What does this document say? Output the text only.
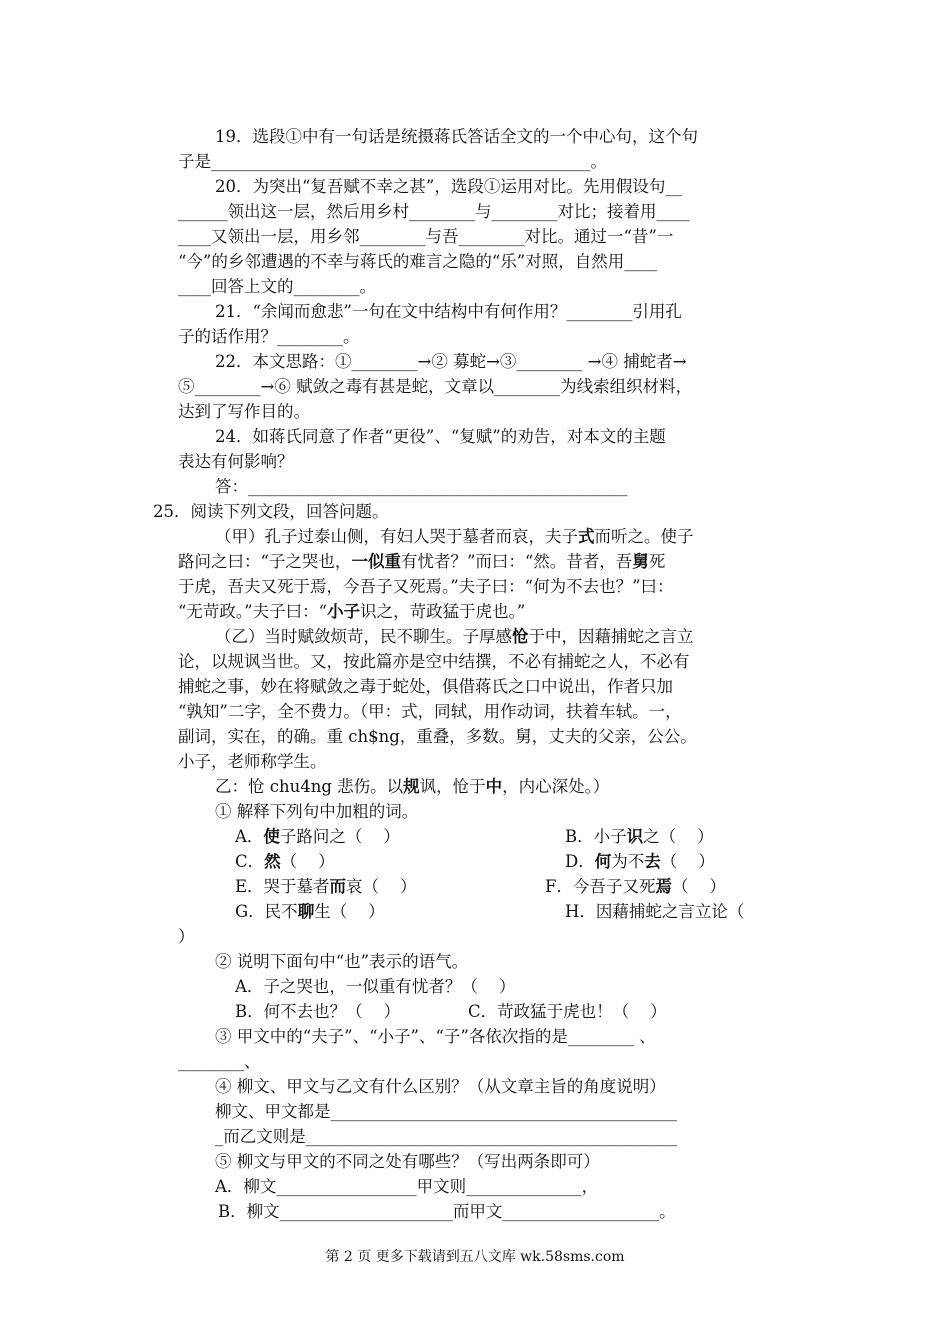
19．选段①中有一句话是统摄蒋氏答话全文的一个中心句，这个句
子是______________________________________________。
20．为突出“复吾赋不幸之甚”，选段①运用对比。先用假设句__
______领出这一层，然后用乡村________与________对比；接着用____
____又领出一层，用乡邻________与吾________对比。通过一“昔”一
“今”的乡邻遭遇的不幸与蒋氏的难言之隐的“乐”对照，自然用____
____回答上文的________。
21．“余闻而愈悲”一句在文中结构中有何作用？________引用孔
子的话作用？________。
22．本文思路：①________→② 募蛇→③________ →④ 捕蛇者→
⑤________→⑥ 赋敛之毒有甚是蛇，文章以________为线索组织材料，
达到了写作目的。
24．如蒋氏同意了作者“更役”、“复赋”的劝告，对本文的主题
表达有何影响？
答：______________________________________________
25．阅读下列文段，回答问题。
（甲）孔子过泰山侧，有妇人哭于墓者而哀，夫子式而听之。使子
路问之曰：“子之哭也，一似重有忧者？”而曰：“然。昔者，吾舅死
于虎，吾夫又死于焉，今吾子又死焉。”夫子曰：“何为不去也？”曰：
“无苛政。”夫子曰：“小子识之，苛政猛于虎也。”
（乙）当时赋敛烦苛，民不聊生。子厚感怆于中，因藉捕蛇之言立
论，以规讽当世。又，按此篇亦是空中结撰，不必有捕蛇之人，不必有
捕蛇之事，妙在将赋敛之毒于蛇处，俱借蒋氏之口中说出，作者只加
“孰知”二字，全不费力。（甲：式，同轼，用作动词，扶着车轼。一，
副词，实在，的确。重 ch$ng，重叠，多数。舅，丈夫的父亲，公公。
小子，老师称学生。
乙：怆 chu4ng 悲伤。以规讽，怆于中，内心深处。）
① 解释下列句中加粗的词。
A．使子路问之（    ）	B．小子识之（    ）
C．然（    ）	D．何为不去（    ）
E．哭于墓者而哀（    ）	F．今吾子又死焉（    ）
G．民不聊生（    ）	H．因藉捕蛇之言立论（
）
② 说明下面句中“也”表示的语气。
A．子之哭也，一似重有忧者？（    ）
B．何不去也？（    ）	C．苛政猛于虎也！（    ）
③ 甲文中的“夫子”、“小子”、“子”各依次指的是________ 、
________、
④ 柳文、甲文与乙文有什么区别？（从文章主旨的角度说明）
柳文、甲文都是__________________________________________
_而乙文则是_____________________________________________
⑤ 柳文与甲文的不同之处有哪些？（写出两条即可）
A．柳文_________________甲文则______________，
B．柳文_____________________而甲文___________________。
第 2 页 更多下载请到五八文库 wk.58sms.com
